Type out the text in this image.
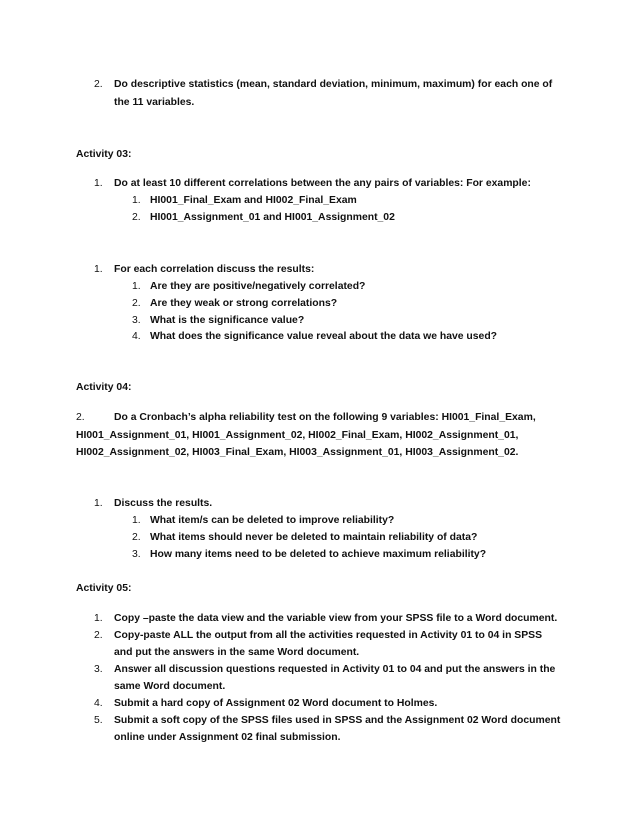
2. Do descriptive statistics (mean, standard deviation, minimum, maximum) for each one of
the 11 variables.
Activity 03:
1. Do at least 10 different correlations between the any pairs of variables: For example:
1. HI001_Final_Exam and HI002_Final_Exam
2. HI001_Assignment_01 and HI001_Assignment_02
1. For each correlation discuss the results:
1. Are they are positive/negatively correlated?
2. Are they weak or strong correlations?
3. What is the significance value?
4. What does the significance value reveal about the data we have used?
Activity 04:
2.	Do a Cronbach’s alpha reliability test on the following 9 variables: HI001_Final_Exam,
HI001_Assignment_01, HI001_Assignment_02, HI002_Final_Exam, HI002_Assignment_01,
HI002_Assignment_02, HI003_Final_Exam, HI003_Assignment_01, HI003_Assignment_02.
1. Discuss the results.
1. What item/s can be deleted to improve reliability?
2. What items should never be deleted to maintain reliability of data?
3. How many items need to be deleted to achieve maximum reliability?
Activity 05:
1. Copy –paste the data view and the variable view from your SPSS file to a Word document.
2. Copy-paste ALL the output from all the activities requested in Activity 01 to 04 in SPSS
and put the answers in the same Word document.
3. Answer all discussion questions requested in Activity 01 to 04 and put the answers in the
same Word document.
4. Submit a hard copy of Assignment 02 Word document to Holmes.
5. Submit a soft copy of the SPSS files used in SPSS and the Assignment 02 Word document
online under Assignment 02 final submission.
